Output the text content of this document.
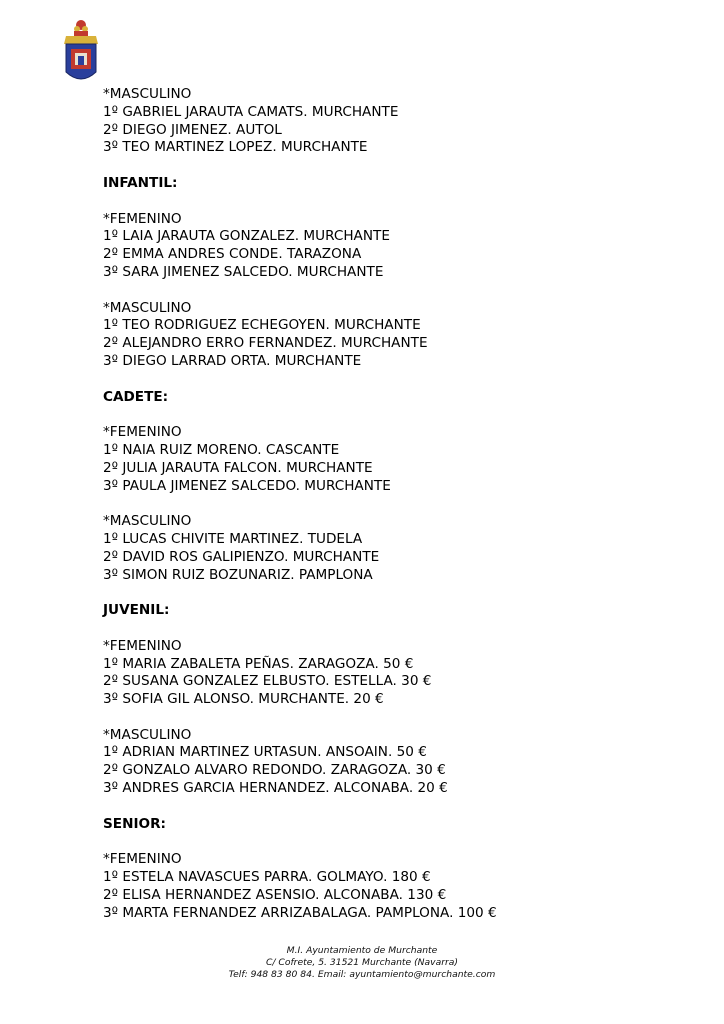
*MASCULINO
1º GABRIEL JARAUTA CAMATS. MURCHANTE
2º DIEGO JIMENEZ. AUTOL
3º TEO MARTINEZ LOPEZ. MURCHANTE
INFANTIL:
*FEMENINO
1º LAIA JARAUTA GONZALEZ. MURCHANTE
2º EMMA ANDRES CONDE. TARAZONA
3º SARA JIMENEZ SALCEDO. MURCHANTE
*MASCULINO
1º TEO RODRIGUEZ ECHEGOYEN. MURCHANTE
2º ALEJANDRO ERRO FERNANDEZ. MURCHANTE
3º DIEGO LARRAD ORTA. MURCHANTE
CADETE:
*FEMENINO
1º NAIA RUIZ MORENO. CASCANTE
2º JULIA JARAUTA FALCON. MURCHANTE
3º PAULA JIMENEZ SALCEDO. MURCHANTE
*MASCULINO
1º LUCAS CHIVITE MARTINEZ. TUDELA
2º DAVID ROS GALIPIENZO. MURCHANTE
3º SIMON RUIZ BOZUNARIZ. PAMPLONA
JUVENIL:
*FEMENINO
1º MARIA ZABALETA PEÑAS. ZARAGOZA. 50 €
2º SUSANA GONZALEZ ELBUSTO. ESTELLA. 30 €
3º SOFIA GIL ALONSO. MURCHANTE. 20 €
*MASCULINO
1º ADRIAN MARTINEZ URTASUN. ANSOAIN. 50 €
2º GONZALO ALVARO REDONDO. ZARAGOZA. 30 €
3º ANDRES GARCIA HERNANDEZ. ALCONABA. 20 €
SENIOR:
*FEMENINO
1º ESTELA NAVASCUES PARRA. GOLMAYO. 180 €
2º ELISA HERNANDEZ ASENSIO. ALCONABA. 130 €
3º MARTA FERNANDEZ ARRIZABALAGA. PAMPLONA. 100 €
M.I. Ayuntamiento de Murchante
C/ Cofrete, 5. 31521 Murchante (Navarra)
Telf: 948 83 80 84. Email: ayuntamiento@murchante.com
